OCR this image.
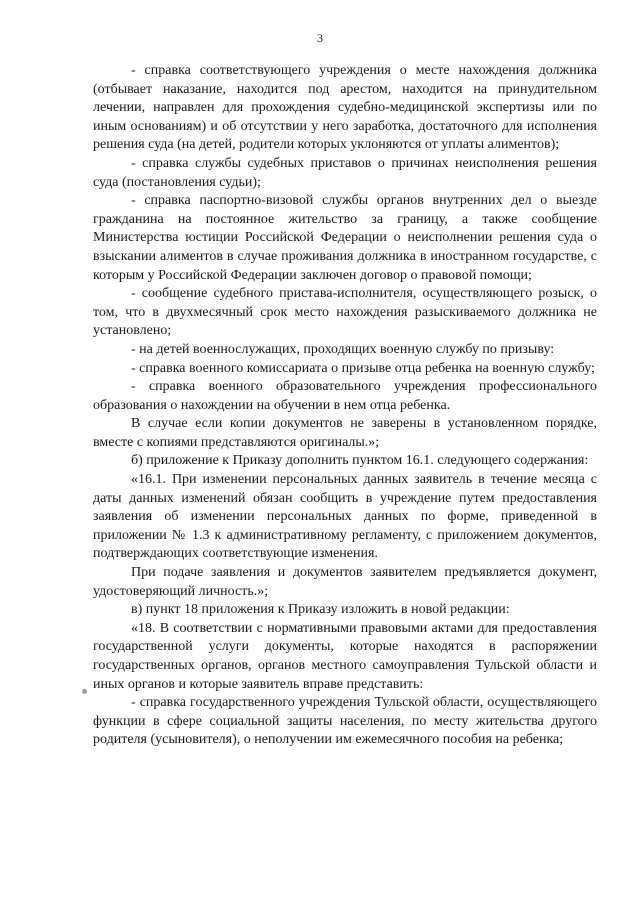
3

- справка соответствующего учреждения о месте нахождения должника (отбывает наказание, находится под арестом, находится на принудительном лечении, направлен для прохождения судебно-медицинской экспертизы или по иным основаниям) и об отсутствии у него заработка, достаточного для исполнения решения суда (на детей, родители которых уклоняются от уплаты алиментов);

- справка службы судебных приставов о причинах неисполнения решения суда (постановления судьи);

- справка паспортно-визовой службы органов внутренних дел о выезде гражданина на постоянное жительство за границу, а также сообщение Министерства юстиции Российской Федерации о неисполнении решения суда о взыскании алиментов в случае проживания должника в иностранном государстве, с которым у Российской Федерации заключен договор о правовой помощи;

- сообщение судебного пристава-исполнителя, осуществляющего розыск, о том, что в двухмесячный срок место нахождения разыскиваемого должника не установлено;

- на детей военнослужащих, проходящих военную службу по призыву:

- справка военного комиссариата о призыве отца ребенка на военную службу;

- справка военного образовательного учреждения профессионального образования о нахождении на обучении в нем отца ребенка.

В случае если копии документов не заверены в установленном порядке, вместе с копиями представляются оригиналы.»;

б) приложение к Приказу дополнить пунктом 16.1. следующего содержания:

«16.1. При изменении персональных данных заявитель в течение месяца с даты данных изменений обязан сообщить в учреждение путем предоставления заявления об изменении персональных данных по форме, приведенной в приложении № 1.3 к административному регламенту, с приложением документов, подтверждающих соответствующие изменения.

При подаче заявления и документов заявителем предъявляется документ, удостоверяющий личность.»;

в) пункт 18 приложения к Приказу изложить в новой редакции:

«18. В соответствии с нормативными правовыми актами для предоставления государственной услуги документы, которые находятся в распоряжении государственных органов, органов местного самоуправления Тульской области и иных органов и которые заявитель вправе представить:

- справка государственного учреждения Тульской области, осуществляющего функции в сфере социальной защиты населения, по месту жительства другого родителя (усыновителя), о неполучении им ежемесячного пособия на ребенка;
